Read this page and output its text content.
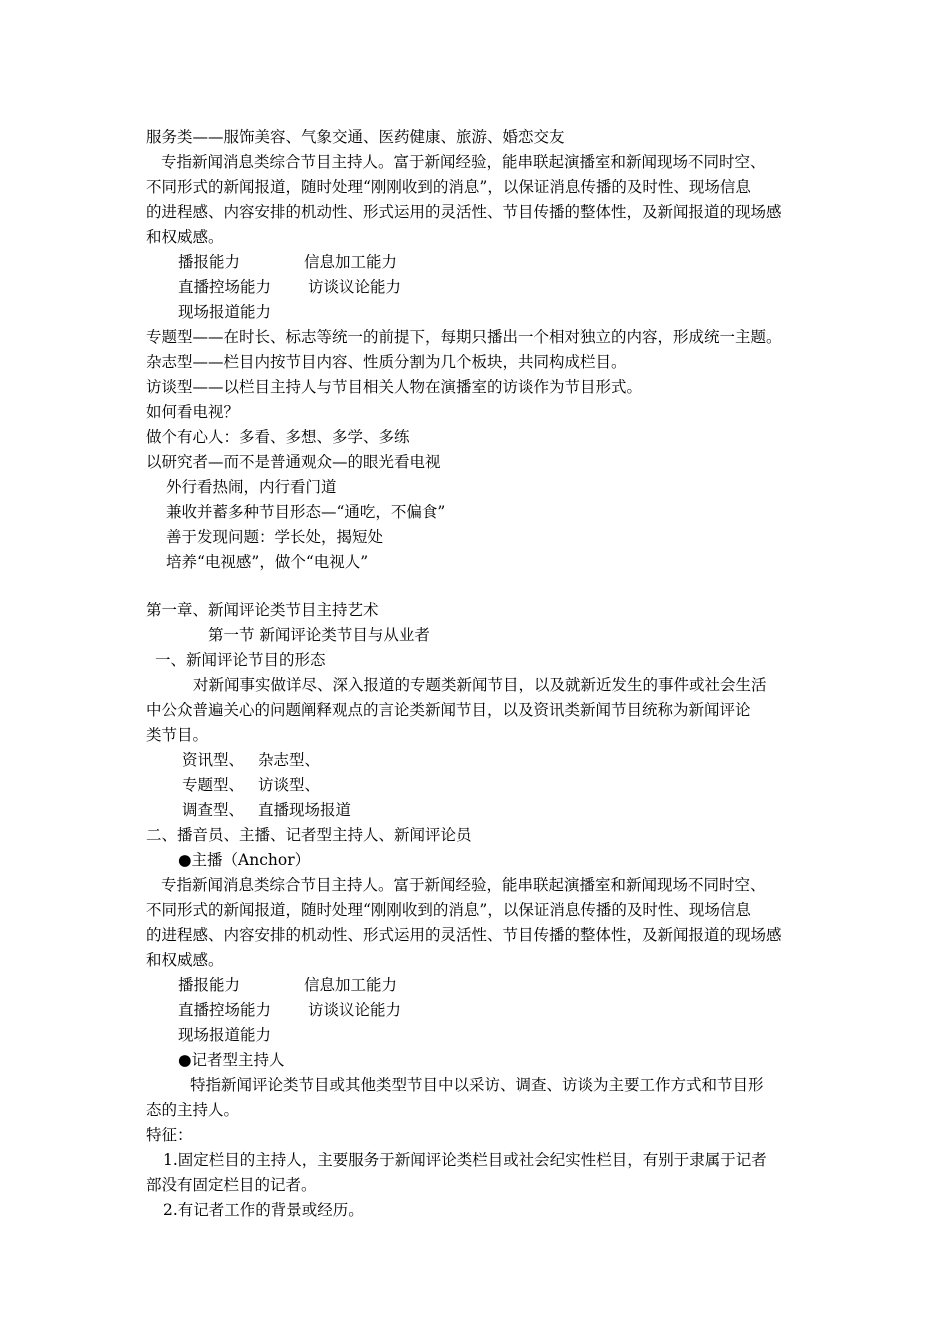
服务类——服饰美容、气象交通、医药健康、旅游、婚恋交友
专指新闻消息类综合节目主持人。富于新闻经验，能串联起演播室和新闻现场不同时空、
不同形式的新闻报道，随时处理“刚刚收到的消息”，以保证消息传播的及时性、现场信息
的进程感、内容安排的机动性、形式运用的灵活性、节目传播的整体性，及新闻报道的现场感
和权威感。
播报能力	信息加工能力
直播控场能力 访谈议论能力
现场报道能力
专题型——在时长、标志等统一的前提下，每期只播出一个相对独立的内容，形成统一主题。
杂志型——栏目内按节目内容、性质分割为几个板块，共同构成栏目。
访谈型——以栏目主持人与节目相关人物在演播室的访谈作为节目形式。
如何看电视？
做个有心人：多看、多想、多学、多练
以研究者—而不是普通观众—的眼光看电视
外行看热闹，内行看门道
兼收并蓄多种节目形态—“通吃，不偏食”
善于发现问题：学长处，揭短处
培养“电视感”，做个“电视人”
第一章、新闻评论类节目主持艺术
第一节 新闻评论类节目与从业者
一、新闻评论节目的形态
对新闻事实做详尽、深入报道的专题类新闻节目，以及就新近发生的事件或社会生活
中公众普遍关心的问题阐释观点的言论类新闻节目，以及资讯类新闻节目统称为新闻评论
类节目。
资讯型、 杂志型、
专题型、 访谈型、
调查型、 直播现场报道
二、播音员、主播、记者型主持人、新闻评论员
●主播（Anchor）
专指新闻消息类综合节目主持人。富于新闻经验，能串联起演播室和新闻现场不同时空、
不同形式的新闻报道，随时处理“刚刚收到的消息”，以保证消息传播的及时性、现场信息
的进程感、内容安排的机动性、形式运用的灵活性、节目传播的整体性，及新闻报道的现场感
和权威感。
播报能力	信息加工能力
直播控场能力 访谈议论能力
现场报道能力
●记者型主持人
特指新闻评论类节目或其他类型节目中以采访、调查、访谈为主要工作方式和节目形
态的主持人。
特征：
1.固定栏目的主持人，主要服务于新闻评论类栏目或社会纪实性栏目，有别于隶属于记者
部没有固定栏目的记者。
2.有记者工作的背景或经历。
